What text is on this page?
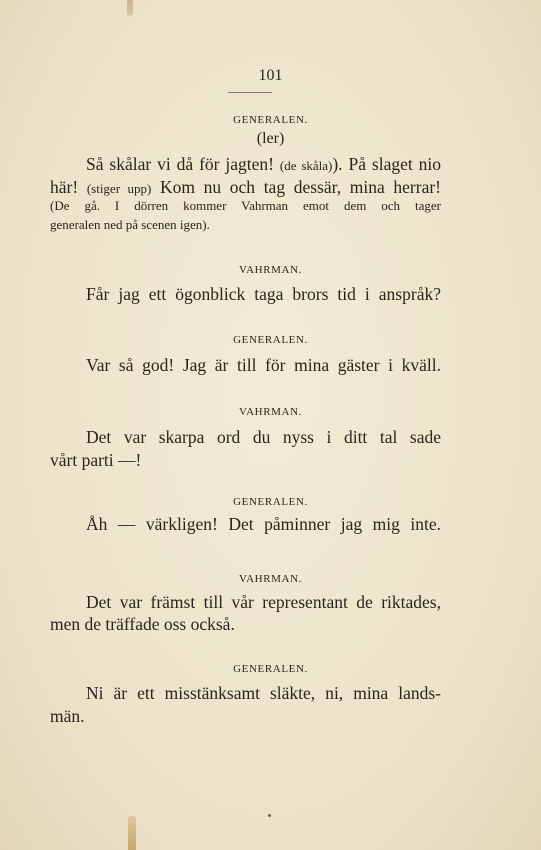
101
GENERALEN.
(ler)
Så skålar vi då för jagten! (de skåla)). På slaget nio
här! (stiger upp) Kom nu och tag dessär, mina herrar!
(De gå. I dörren kommer Vahrman emot dem och tager
generalen ned på scenen igen).
VAHRMAN.
Får jag ett ögonblick taga brors tid i anspråk?
GENERALEN.
Var så god! Jag är till för mina gäster i kväll.
VAHRMAN.
Det var skarpa ord du nyss i ditt tal sade
vårt parti —!
GENERALEN.
Åh — värkligen! Det påminner jag mig inte.
VAHRMAN.
Det var främst till vår representant de riktades,
men de träffade oss också.
GENERALEN.
Ni är ett misstänksamt släkte, ni, mina lands-
män.
